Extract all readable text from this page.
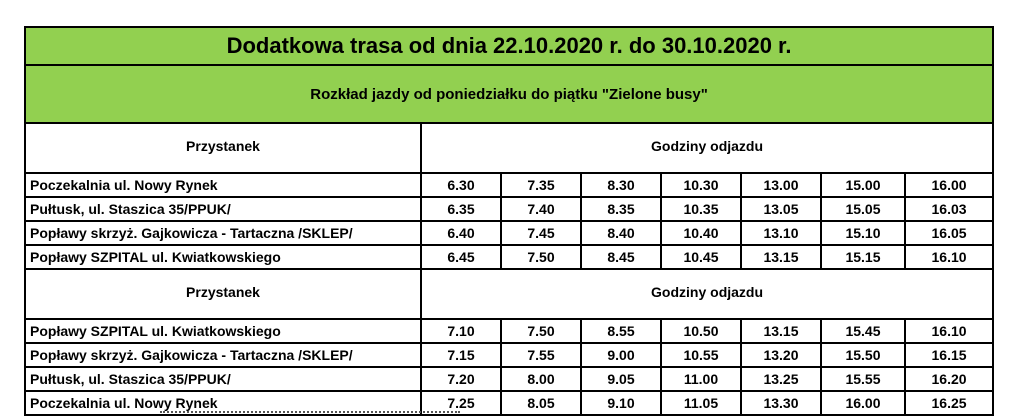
Dodatkowa trasa od dnia 22.10.2020 r. do 30.10.2020 r.							
Rozkład jazdy od poniedziałku do piątku "Zielone busy"							
Przystanek	Godziny odjazdu						
Poczekalnia ul. Nowy Rynek	6.30	7.35	8.30	10.30	13.00	15.00	16.00
Pułtusk, ul. Staszica 35/PPUK/	6.35	7.40	8.35	10.35	13.05	15.05	16.03
Popławy skrzyż. Gajkowicza - Tartaczna /SKLEP/	6.40	7.45	8.40	10.40	13.10	15.10	16.05
Popławy SZPITAL ul. Kwiatkowskiego	6.45	7.50	8.45	10.45	13.15	15.15	16.10
Przystanek	Godziny odjazdu						
Popławy SZPITAL ul. Kwiatkowskiego	7.10	7.50	8.55	10.50	13.15	15.45	16.10
Popławy skrzyż. Gajkowicza - Tartaczna /SKLEP/	7.15	7.55	9.00	10.55	13.20	15.50	16.15
Pułtusk, ul. Staszica 35/PPUK/	7.20	8.00	9.05	11.00	13.25	15.55	16.20
Poczekalnia ul. Nowy Rynek	7.25	8.05	9.10	11.05	13.30	16.00	16.25
